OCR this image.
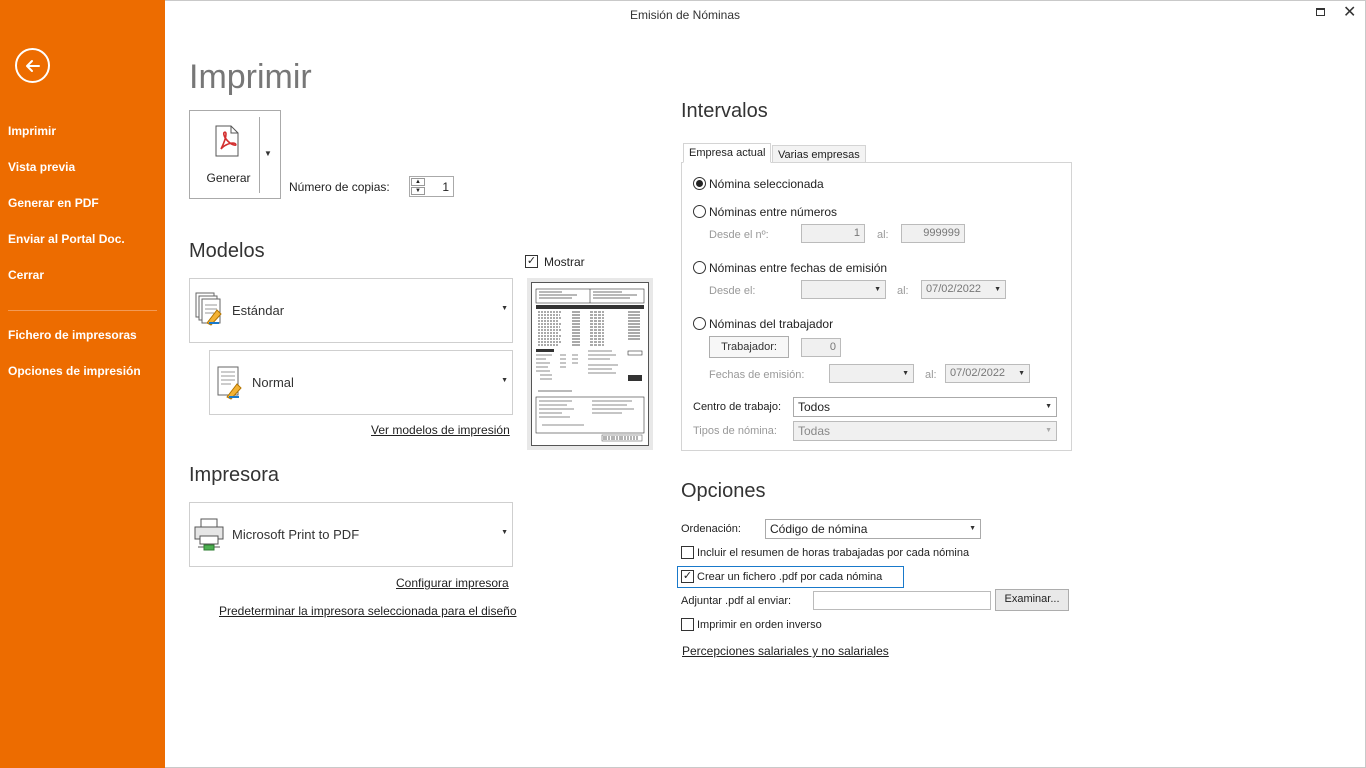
Imprimir
Vista previa
Generar en PDF
Enviar al Portal Doc.
Cerrar
Fichero de impresoras
Opciones de impresión
Emisión de Nóminas	✕
Imprimir
▼
Generar
Número de copias:	▲
▼	1
Modelos
Estándar	▼
Normal	▼
Ver modelos de impresión
✓ Mostrar
Impresora
Microsoft Print to PDF	▼
Configurar impresora
Predeterminar la impresora seleccionada para el diseño
Intervalos
Empresa actual	Varias empresas
Nómina seleccionada
Nóminas entre números
Desde el nº:	1	al:	999999
Nóminas entre fechas de emisión
Desde el:	▼ al:	07/02/2022 ▼
Nóminas del trabajador
Trabajador:	0
Fechas de emisión:	▼ al:	07/02/2022 ▼
Centro de trabajo:	Todos	▼
Tipos de nómina:	Todas	▼
Opciones
Ordenación:	Código de nómina	▼
Incluir el resumen de horas trabajadas por cada nómina
✓ Crear un fichero .pdf por cada nómina
Adjuntar .pdf al enviar:	Examinar...
Imprimir en orden inverso
Percepciones salariales y no salariales
